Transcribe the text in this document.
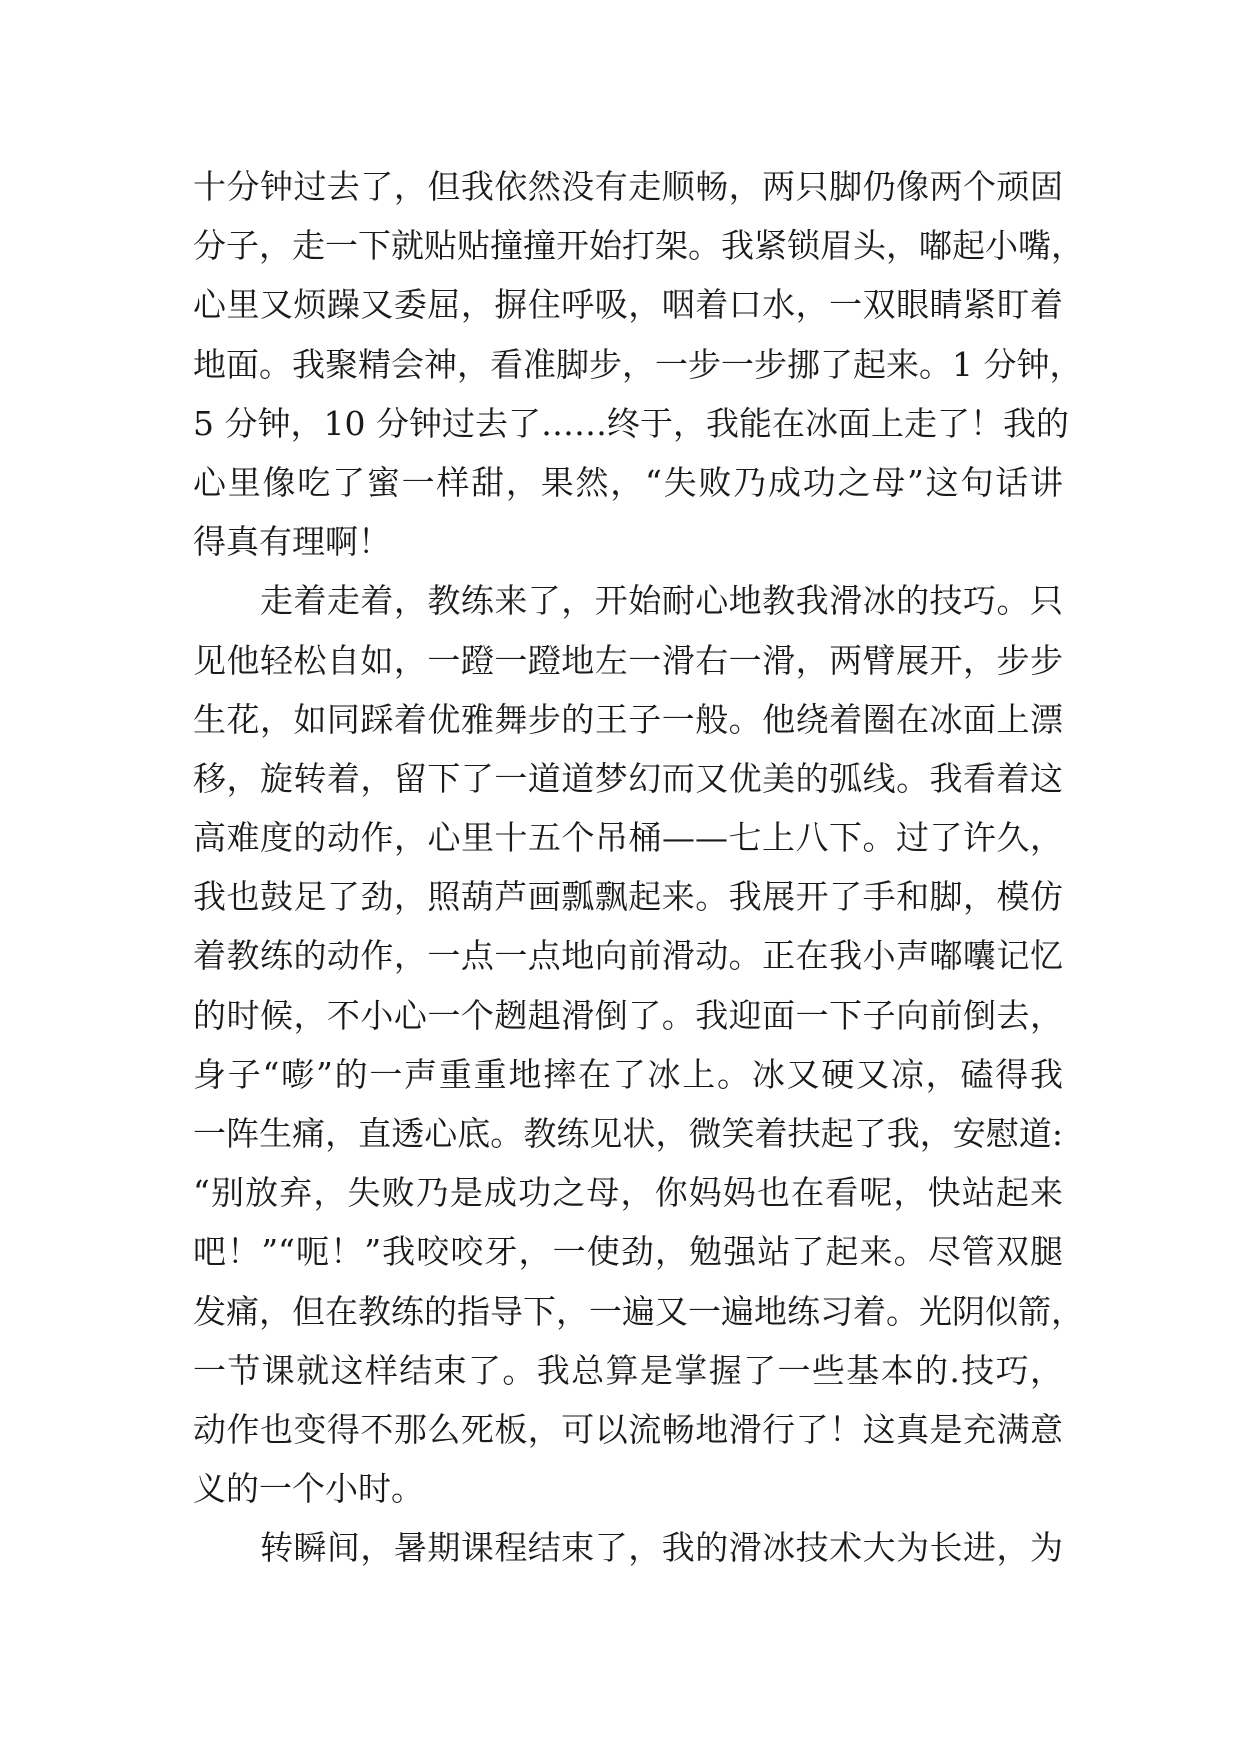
十分钟过去了，但我依然没有走顺畅，两只脚仍像两个顽固
分子，走一下就贴贴撞撞开始打架。我紧锁眉头，嘟起小嘴，
心里又烦躁又委屈，摒住呼吸，咽着口水，一双眼睛紧盯着
地面。我聚精会神，看准脚步，一步一步挪了起来。1 分钟，
5 分钟，10 分钟过去了……终于，我能在冰面上走了！我的
心里像吃了蜜一样甜，果然，“失败乃成功之母”这句话讲
得真有理啊！
　　走着走着，教练来了，开始耐心地教我滑冰的技巧。只
见他轻松自如，一蹬一蹬地左一滑右一滑，两臂展开，步步
生花，如同踩着优雅舞步的王子一般。他绕着圈在冰面上漂
移，旋转着，留下了一道道梦幻而又优美的弧线。我看着这
高难度的动作，心里十五个吊桶——七上八下。过了许久，
我也鼓足了劲，照葫芦画瓢飘起来。我展开了手和脚，模仿
着教练的动作，一点一点地向前滑动。正在我小声嘟囔记忆
的时候，不小心一个趔趄滑倒了。我迎面一下子向前倒去，
身子“嘭”的一声重重地摔在了冰上。冰又硬又凉，磕得我
一阵生痛，直透心底。教练见状，微笑着扶起了我，安慰道:
“别放弃，失败乃是成功之母，你妈妈也在看呢，快站起来
吧！”“呃！”我咬咬牙，一使劲，勉强站了起来。尽管双腿
发痛，但在教练的指导下，一遍又一遍地练习着。光阴似箭，
一节课就这样结束了。我总算是掌握了一些基本的.技巧，
动作也变得不那么死板，可以流畅地滑行了！这真是充满意
义的一个小时。
　　转瞬间，暑期课程结束了，我的滑冰技术大为长进，为
